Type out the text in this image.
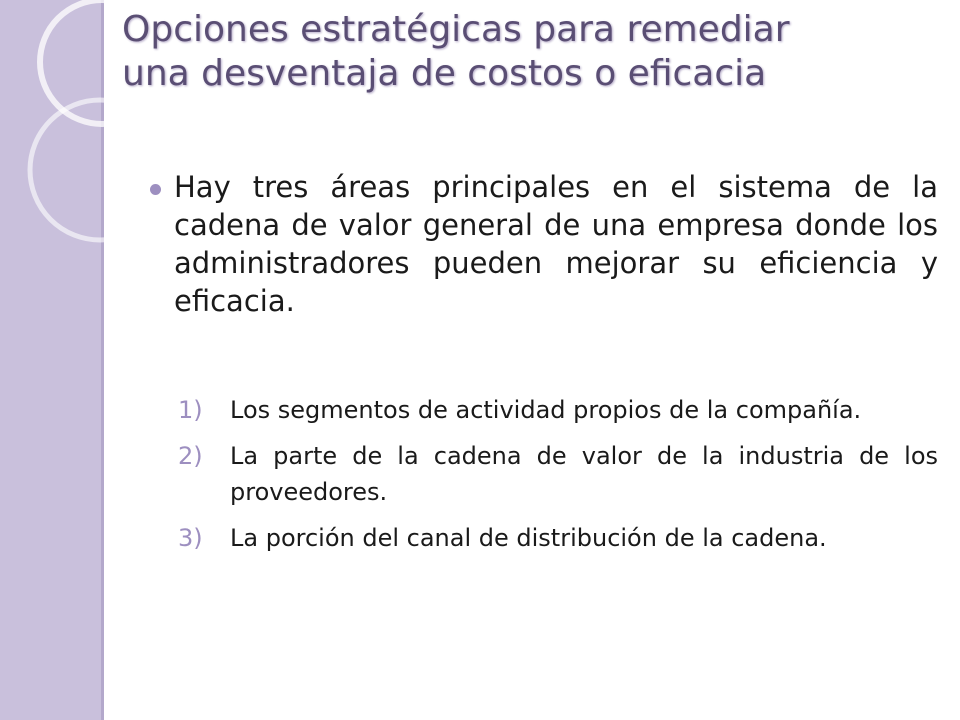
Opciones estratégicas para remediar
una desventaja de costos o eficacia

Hay tres áreas principales en el sistema de la cadena de valor general de una empresa donde los administradores pueden mejorar su eficiencia y eficacia.

1) Los segmentos de actividad propios de la compañía.
2) La parte de la cadena de valor de la industria de los proveedores.
3) La porción del canal de distribución de la cadena.
